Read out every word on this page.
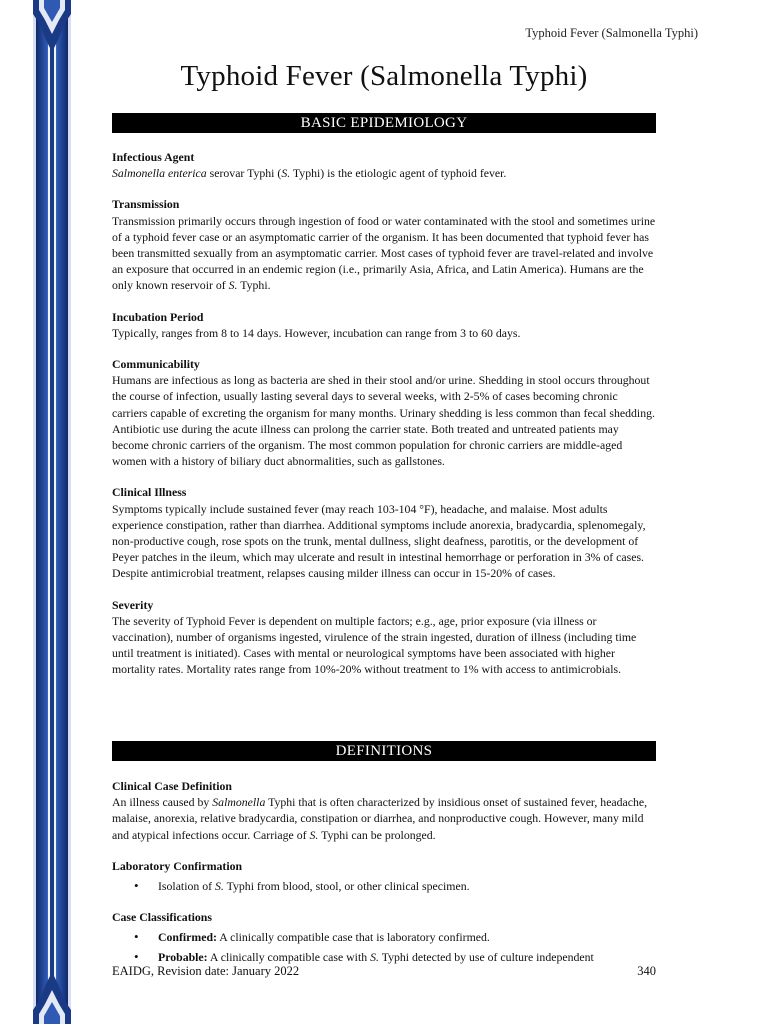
Typhoid Fever (Salmonella Typhi)
Typhoid Fever (Salmonella Typhi)
BASIC EPIDEMIOLOGY
Infectious Agent

Salmonella enterica serovar Typhi (S. Typhi) is the etiologic agent of typhoid fever.

Transmission

Transmission primarily occurs through ingestion of food or water contaminated with the stool and sometimes urine of a typhoid fever case or an asymptomatic carrier of the organism. It has been documented that typhoid fever has been transmitted sexually from an asymptomatic carrier. Most cases of typhoid fever are travel-related and involve an exposure that occurred in an endemic region (i.e., primarily Asia, Africa, and Latin America). Humans are the only known reservoir of S. Typhi.

Incubation Period

Typically, ranges from 8 to 14 days. However, incubation can range from 3 to 60 days.

Communicability

Humans are infectious as long as bacteria are shed in their stool and/or urine. Shedding in stool occurs throughout the course of infection, usually lasting several days to several weeks, with 2-5% of cases becoming chronic carriers capable of excreting the organism for many months. Urinary shedding is less common than fecal shedding. Antibiotic use during the acute illness can prolong the carrier state. Both treated and untreated patients may become chronic carriers of the organism. The most common population for chronic carriers are middle-aged women with a history of biliary duct abnormalities, such as gallstones.

Clinical Illness

Symptoms typically include sustained fever (may reach 103-104 °F), headache, and malaise. Most adults experience constipation, rather than diarrhea. Additional symptoms include anorexia, bradycardia, splenomegaly, non-productive cough, rose spots on the trunk, mental dullness, slight deafness, parotitis, or the development of Peyer patches in the ileum, which may ulcerate and result in intestinal hemorrhage or perforation in 3% of cases. Despite antimicrobial treatment, relapses causing milder illness can occur in 15-20% of cases.

Severity

The severity of Typhoid Fever is dependent on multiple factors; e.g., age, prior exposure (via illness or vaccination), number of organisms ingested, virulence of the strain ingested, duration of illness (including time until treatment is initiated). Cases with mental or neurological symptoms have been associated with higher mortality rates. Mortality rates range from 10%-20% without treatment to 1% with access to antimicrobials.

DEFINITIONS
Clinical Case Definition

An illness caused by Salmonella Typhi that is often characterized by insidious onset of sustained fever, headache, malaise, anorexia, relative bradycardia, constipation or diarrhea, and nonproductive cough. However, many mild and atypical infections occur. Carriage of S. Typhi can be prolonged.

Laboratory Confirmation
• Isolation of S. Typhi from blood, stool, or other clinical specimen.
Case Classifications
• Confirmed: A clinically compatible case that is laboratory confirmed.
• Probable: A clinically compatible case with S. Typhi detected by use of culture independent
EAIDG, Revision date: January 2022	340
